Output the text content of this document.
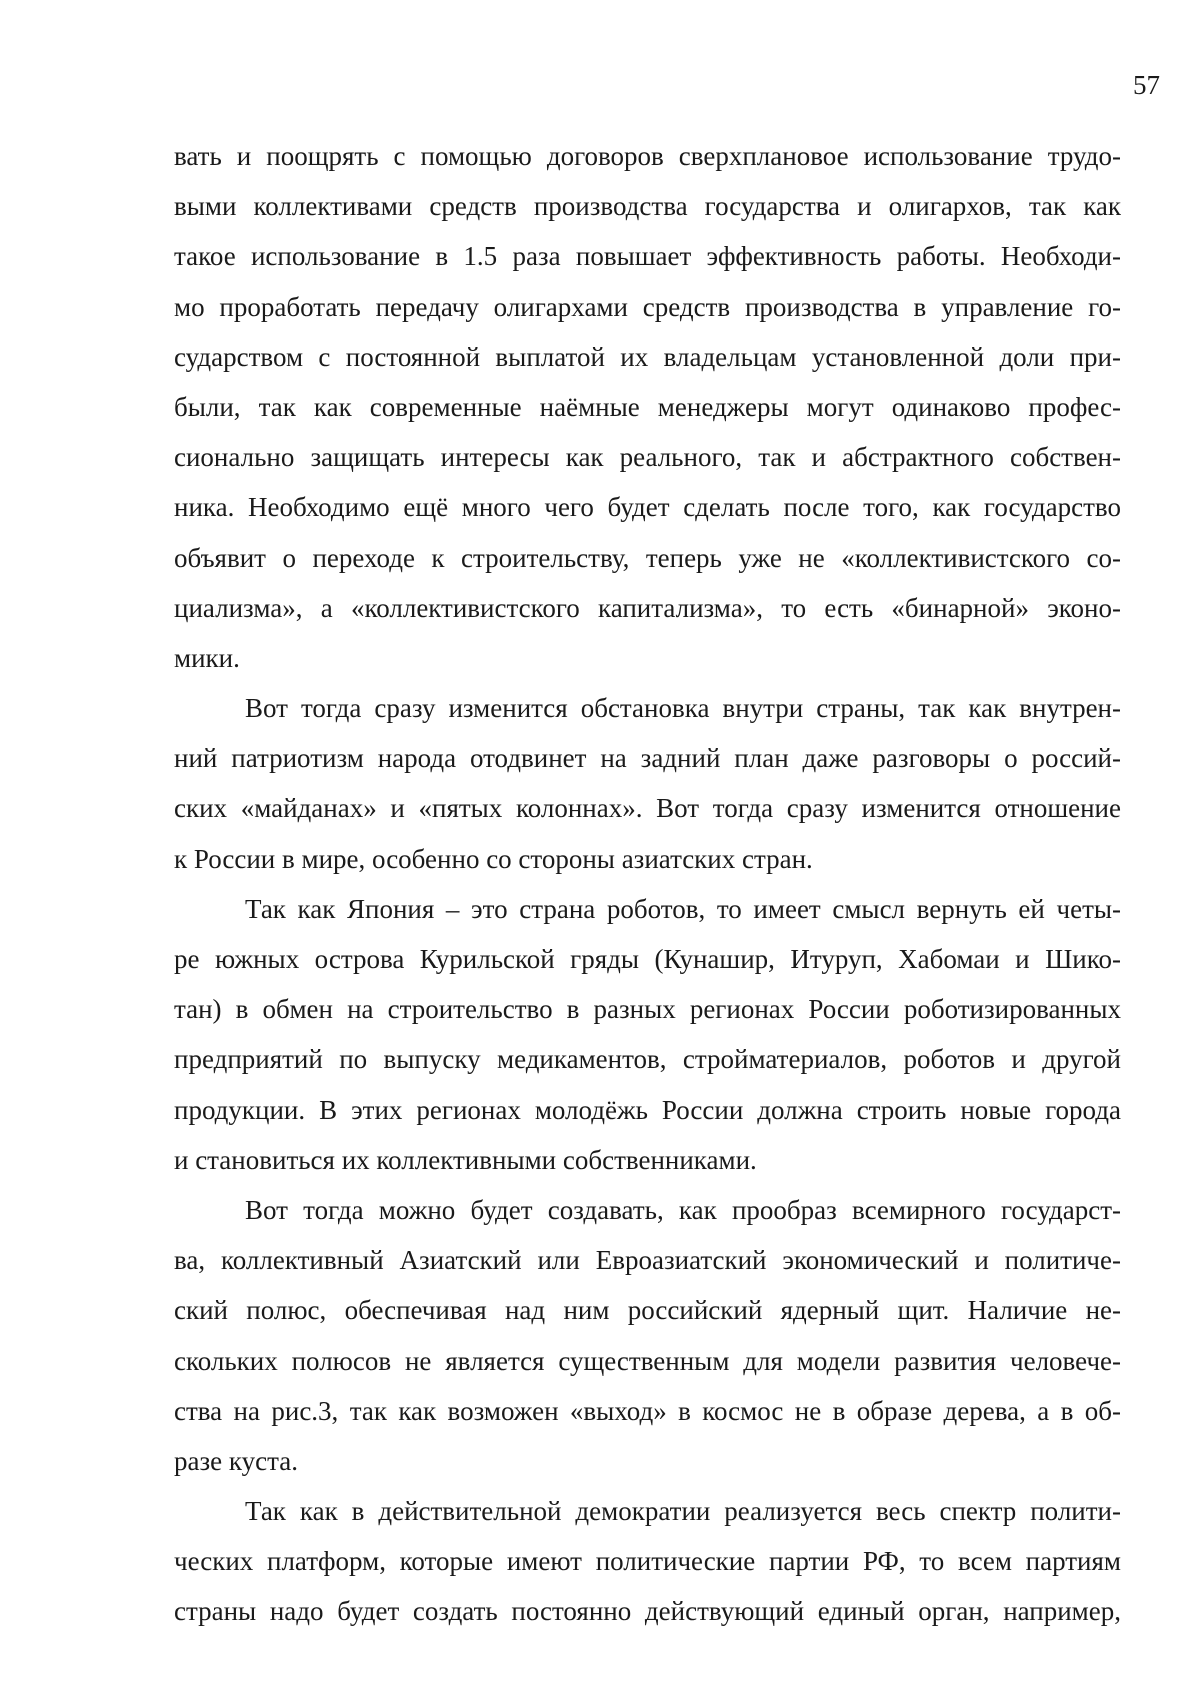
57
вать и поощрять с помощью договоров сверхплановое использование трудо-
выми коллективами средств производства государства и олигархов, так как
такое использование в 1.5 раза повышает эффективность работы. Необходи-
мо проработать передачу олигархами средств производства в управление го-
сударством с постоянной выплатой их владельцам установленной доли при-
были, так как современные наёмные менеджеры могут одинаково профес-
сионально защищать интересы как реального, так и абстрактного собствен-
ника. Необходимо ещё много чего будет сделать после того, как государство
объявит о переходе к строительству, теперь уже не «коллективистского со-
циализма», а «коллективистского капитализма», то есть «бинарной» эконо-
мики.
Вот тогда сразу изменится обстановка внутри страны, так как внутрен-
ний патриотизм народа отодвинет на задний план даже разговоры о россий-
ских «майданах» и «пятых колоннах». Вот тогда сразу изменится отношение
к России в мире, особенно со стороны азиатских стран.
Так как Япония – это страна роботов, то имеет смысл вернуть ей четы-
ре южных острова Курильской гряды (Кунашир, Итуруп, Хабомаи и Шико-
тан) в обмен на строительство в разных регионах России роботизированных
предприятий по выпуску медикаментов, стройматериалов, роботов и другой
продукции. В этих регионах молодёжь России должна строить новые города
и становиться их коллективными собственниками.
Вот тогда можно будет создавать, как прообраз всемирного государст-
ва, коллективный Азиатский или Евроазиатский экономический и политиче-
ский полюс, обеспечивая над ним российский ядерный щит. Наличие не-
скольких полюсов не является существенным для модели развития человече-
ства на рис.3, так как возможен «выход» в космос не в образе дерева, а в об-
разе куста.
Так как в действительной демократии реализуется весь спектр полити-
ческих платформ, которые имеют политические партии РФ, то всем партиям
страны надо будет создать постоянно действующий единый орган, например,
